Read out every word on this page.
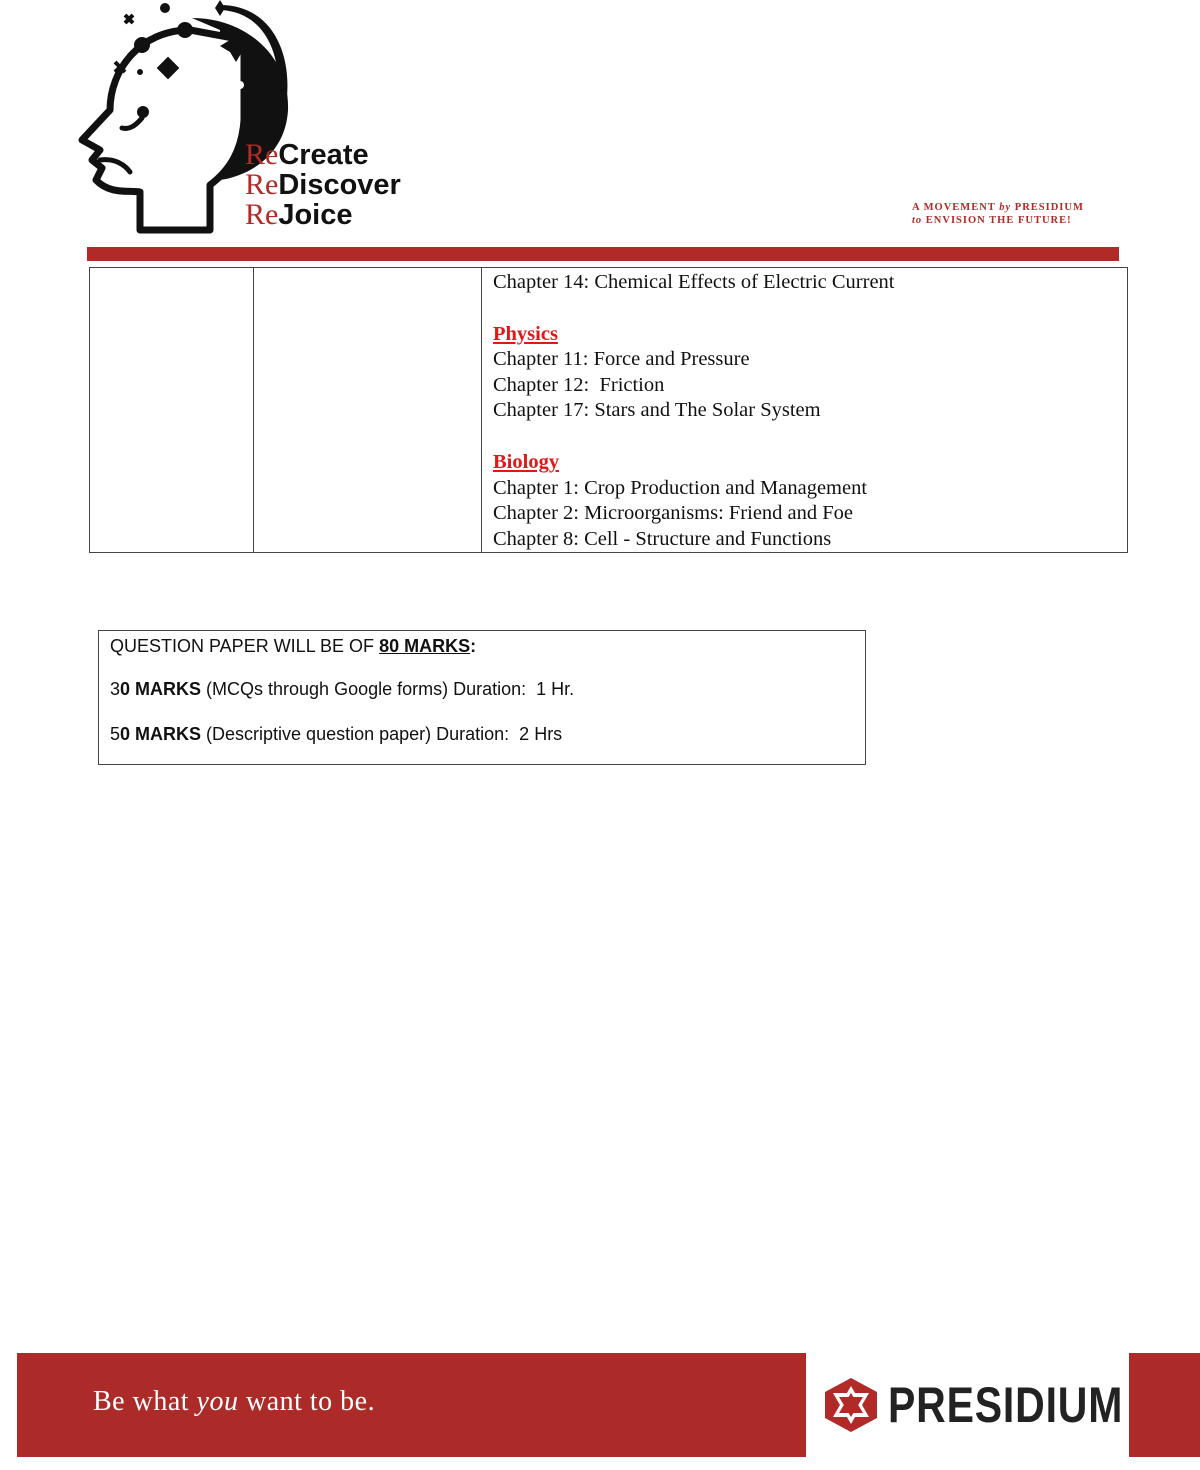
ReCreate
ReDiscover
ReJoice	A MOVEMENT by PRESIDIUM
to ENVISION THE FUTURE!

Chapter 14: Chemical Effects of Electric Current
Physics
Chapter 11: Force and Pressure
Chapter 12:  Friction
Chapter 17: Stars and The Solar System
Biology
Chapter 1: Crop Production and Management
Chapter 2: Microorganisms: Friend and Foe
Chapter 8: Cell - Structure and Functions

QUESTION PAPER WILL BE OF 80 MARKS:

30 MARKS (MCQs through Google forms) Duration:  1 Hr.

50 MARKS (Descriptive question paper) Duration:  2 Hrs

Be what you want to be.	PRESIDIUM
